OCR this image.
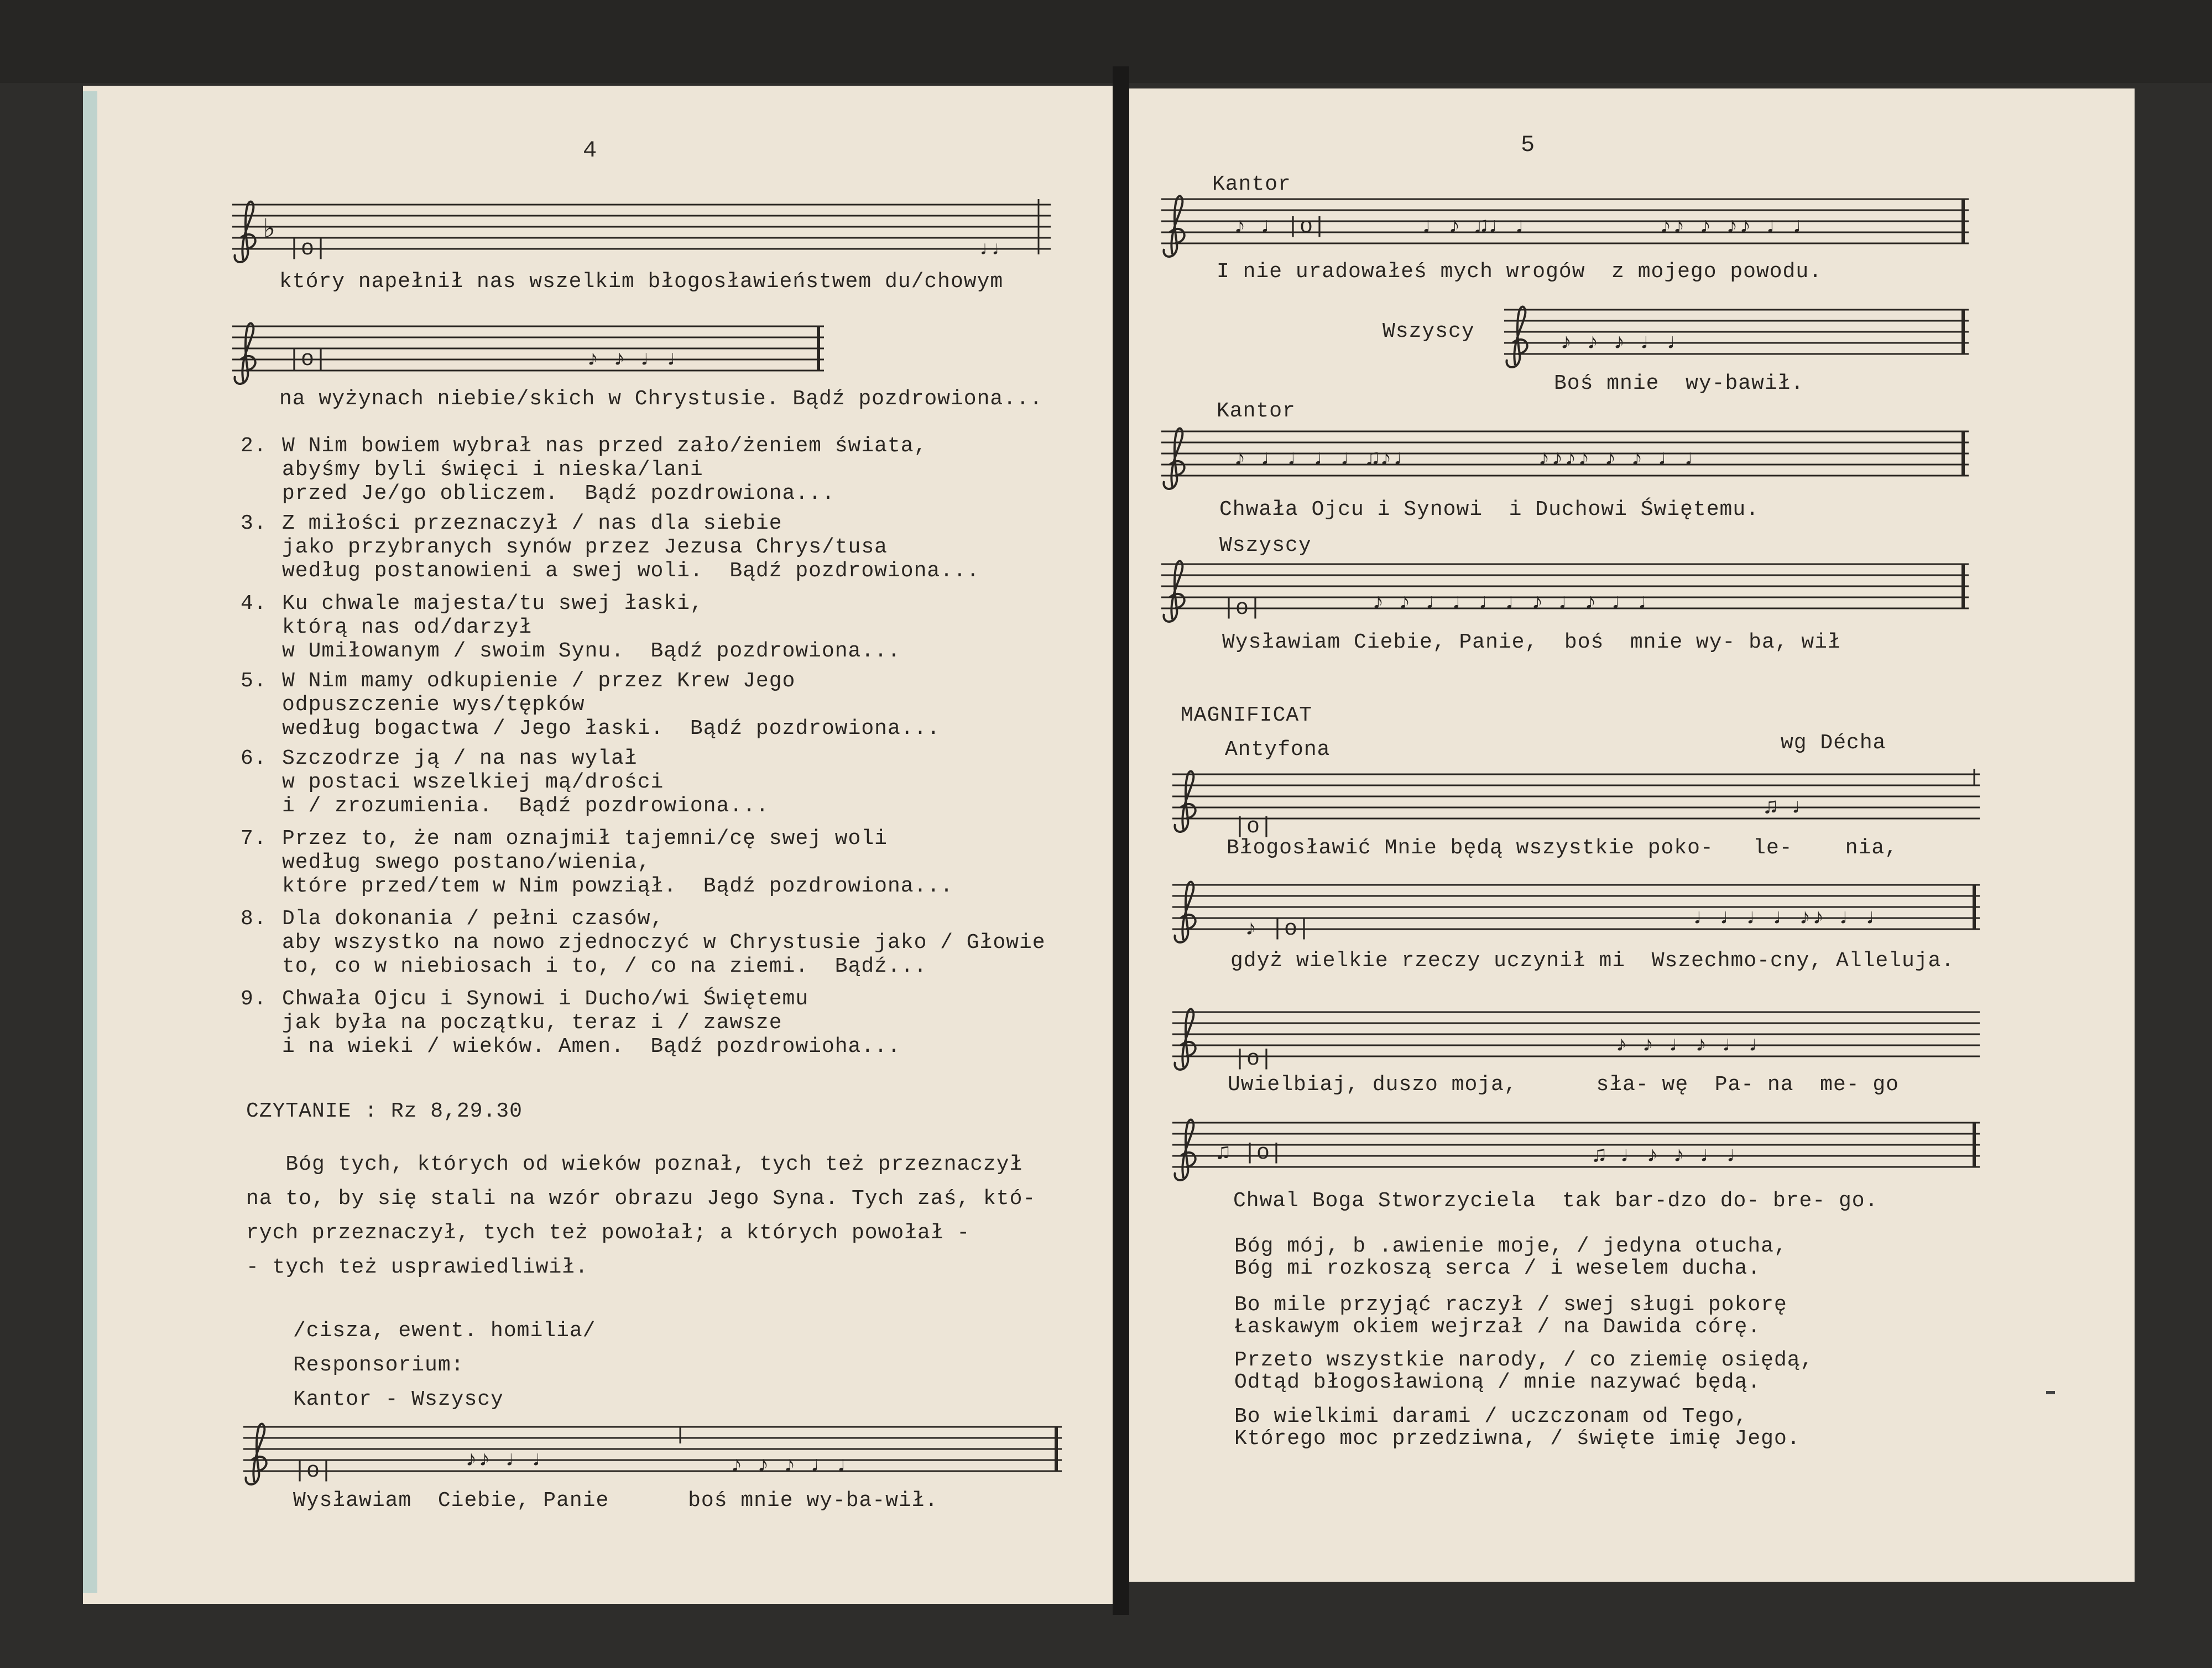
4
♭
|o|	♩♩
który napełnił nas wszelkim błogosławieństwem du/chowym
|o|	♪ ♪ ♩ ♩
na wyżynach niebie/skich w Chrystusie. Bądź pozdrowiona...
2. W Nim bowiem wybrał nas przed zało/żeniem świata,
abyśmy byli święci i nieska/lani
przed Je/go obliczem.  Bądź pozdrowiona...
3. Z miłości przeznaczył / nas dla siebie
jako przybranych synów przez Jezusa Chrys/tusa
według postanowieni a swej woli.  Bądź pozdrowiona...
4. Ku chwale majesta/tu swej łaski,
którą nas od/darzył
w Umiłowanym / swoim Synu.  Bądź pozdrowiona...
5. W Nim mamy odkupienie / przez Krew Jego
odpuszczenie wys/tępków
według bogactwa / Jego łaski.  Bądź pozdrowiona...
6. Szczodrze ją / na nas wylał
w postaci wszelkiej mą/drości
i / zrozumienia.  Bądź pozdrowiona...
7. Przez to, że nam oznajmił tajemni/cę swej woli
według swego postano/wienia,
które przed/tem w Nim powziął.  Bądź pozdrowiona...
8. Dla dokonania / pełni czasów,
aby wszystko na nowo zjednoczyć w Chrystusie jako / Głowie
to, co w niebiosach i to, / co na ziemi.  Bądź...
9. Chwała Ojcu i Synowi i Ducho/wi Świętemu
jak była na początku, teraz i / zawsze
i na wieki / wieków. Amen.  Bądź pozdrowioha...
CZYTANIE : Rz 8,29.30
Bóg tych, których od wieków poznał, tych też przeznaczył
na to, by się stali na wzór obrazu Jego Syna. Tych zaś, któ-
rych przeznaczył, tych też powołał; a których powołał -
- tych też usprawiedliwił.
/cisza, ewent. homilia/
Responsorium:
Kantor - Wszyscy
|o|	♪♪ ♩ ♩	♪ ♪ ♪ ♩ ♩
Wysławiam  Ciebie, Panie      boś mnie wy-ba-wił.
5
Kantor
♪ ♩ |o|	♩ ♪ ♫♩ ♩	♪♪ ♪ ♪♪ ♩ ♩
I nie uradowałeś mych wrogów  z mojego powodu.
Wszyscy	♪ ♪ ♪ ♩ ♩
Boś mnie  wy-bawił.
Kantor
♪ ♩ ♩ ♩ ♩ ♫♪♩	♪♪♪♪ ♪ ♪ ♩ ♩
Chwała Ojcu i Synowi  i Duchowi Świętemu.
Wszyscy
|o|	♪ ♪ ♩ ♩ ♩ ♩ ♪ ♩ ♪ ♩ ♩
Wysławiam Ciebie, Panie,  boś  mnie wy- ba, wił
MAGNIFICAT
Antyfona	wg Décha
|o|
♫ ♩
Błogosławić Mnie będą wszystkie poko-   le-    nia,
♪ |o|	♩ ♩ ♩ ♩ ♪♪ ♩ ♩
gdyż wielkie rzeczy uczynił mi  Wszechmo-cny, Alleluja.
|o|
♪ ♪ ♩ ♪ ♩ ♩
Uwielbiaj, duszo moja,      sła- wę  Pa- na  me- go
♫ |o|	♫ ♩ ♪ ♪ ♩ ♩
Chwal Boga Stworzyciela  tak bar-dzo do- bre- go.
Bóg mój, b .awienie moje, / jedyna otucha,
Bóg mi rozkoszą serca / i weselem ducha.
Bo mile przyjąć raczył / swej sługi pokorę
Łaskawym okiem wejrzał / na Dawida córę.
Przeto wszystkie narody, / co ziemię osiędą,
Odtąd błogosławioną / mnie nazywać będą.
Bo wielkimi darami / uczczonam od Tego,
Którego moc przedziwna, / święte imię Jego.
